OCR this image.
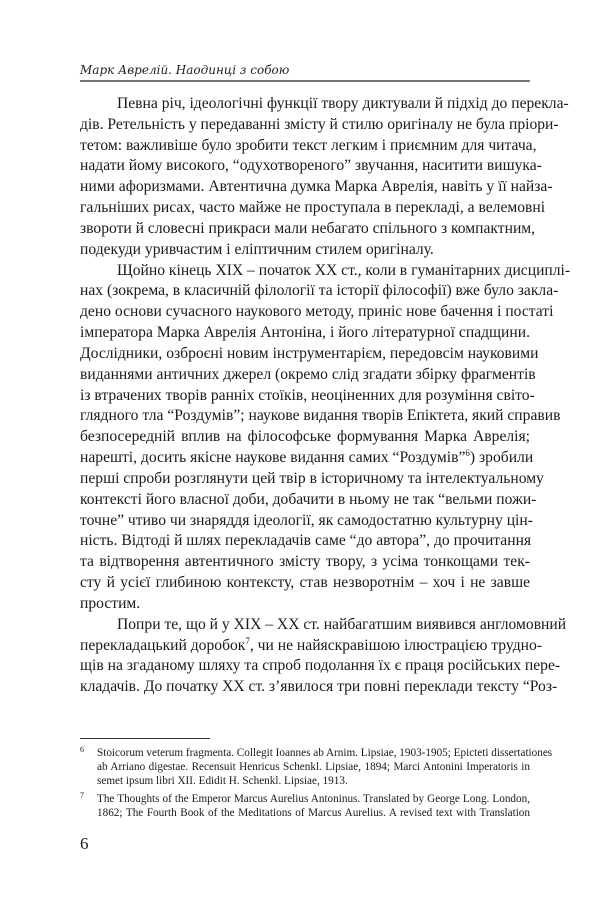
Марк Аврелій. Наодинці з собою
Певна річ, ідеологічні функції твору диктували й підхід до перекла-
дів. Ретельність у передаванні змісту й стилю оригіналу не була пріори-
тетом: важливіше було зробити текст легким і приємним для читача,
надати йому високого, “одухотвореного” звучання, наситити вишука-
ними афоризмами. Автентична думка Марка Аврелія, навіть у її найза-
гальніших рисах, часто майже не проступала в перекладі, а велемовні
звороти й словесні прикраси мали небагато спільного з компактним,
подекуди уривчастим і еліптичним стилем оригіналу.
Щойно кінець XIX – початок XX ст., коли в гуманітарних дисциплі-
нах (зокрема, в класичній філології та історії філософії) вже було закла-
дено основи сучасного наукового методу, приніс нове бачення і постаті
імператора Марка Аврелія Антоніна, і його літературної спадщини.
Дослідники, озброєні новим інструментарієм, передовсім науковими
виданнями античних джерел (окремо слід згадати збірку фрагментів
із втрачених творів ранніх стоїків, неоціненних для розуміння світо-
глядного тла “Роздумів”; наукове видання творів Епіктета, який справив
безпосередній вплив на філософське формування Марка Аврелія;
нарешті, досить якісне наукове видання самих “Роздумів”$^6$) зробили
перші спроби розглянути цей твір в історичному та інтелектуальному
контексті його власної доби, добачити в ньому не так “вельми пожи-
точне” чтиво чи знаряддя ідеології, як самодостатню культурну цін-
ність. Відтоді й шлях перекладачів саме “до автора”, до прочитання
та відтворення автентичного змісту твору, з усіма тонкощами тек-
сту й усієї глибиною контексту, став незворотнім – хоч і не завше
простим.
Попри те, що й у XIX – XX ст. найбагатшим виявився англомовний
перекладацький доробок$^7$, чи не найяскравішою ілюстрацією трудно-
щів на згаданому шляху та спроб подолання їх є праця російських пере-
кладачів. До початку XX ст. з’явилося три повні переклади тексту “Роз-
6 Stoicorum veterum fragmenta. Collegit Ioannes ab Arnim. Lipsiae, 1903-1905; Epicteti dissertationes
ab Arriano digestae. Recensuit Henricus Schenkl. Lipsiae, 1894; Marci Antonini Imperatoris in
semet ipsum libri XII. Edidit H. Schenkl. Lipsiae, 1913.
7 The Thoughts of the Emperor Marcus Aurelius Antoninus. Translated by George Long. London,
1862; The Fourth Book of the Meditations of Marcus Aurelius. A revised text with Translation
6
